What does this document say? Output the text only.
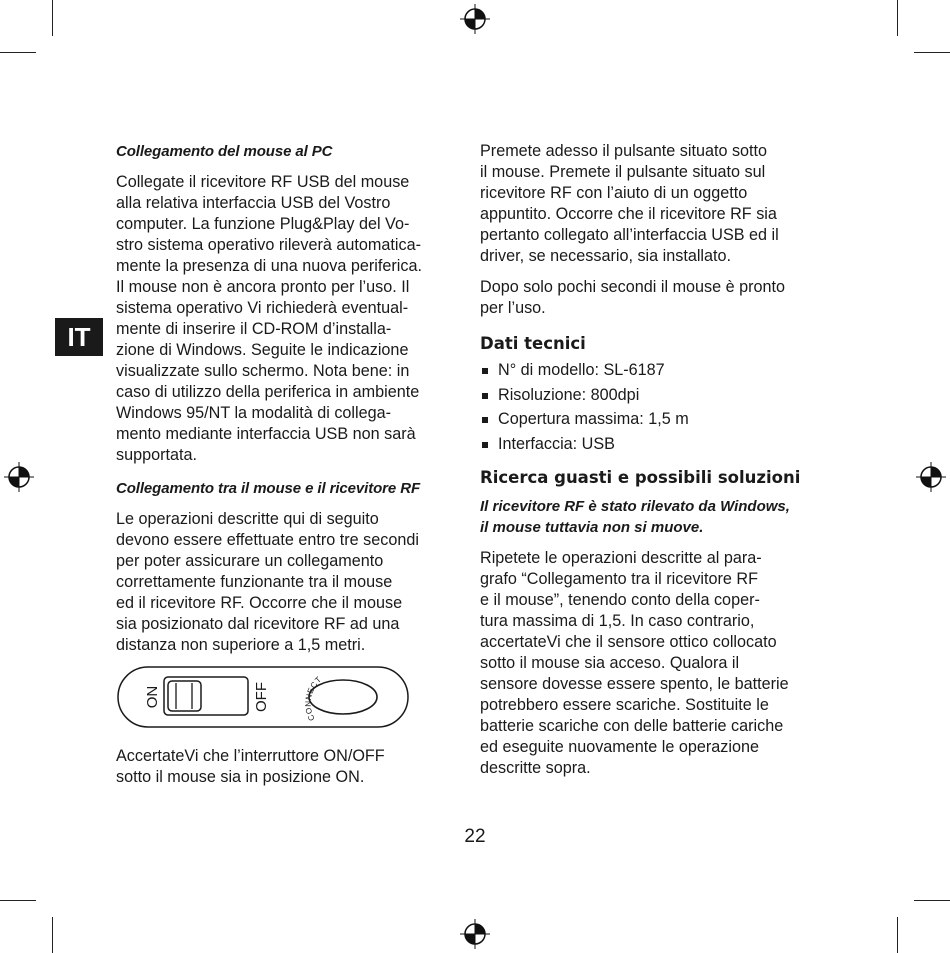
IT
Collegamento del mouse al PC
Collegate il ricevitore RF USB del mouse
alla relativa interfaccia USB del Vostro
computer. La funzione Plug&Play del Vo-
stro sistema operativo rileverà automatica-
mente la presenza di una nuova periferica.
Il mouse non è ancora pronto per l’uso. Il
sistema operativo Vi richiederà eventual-
mente di inserire il CD-ROM d’installa-
zione di Windows. Seguite le indicazione
visualizzate sullo schermo. Nota bene: in
caso di utilizzo della periferica in ambiente
Windows 95/NT la modalità di collega-
mento mediante interfaccia USB non sarà
supportata.
Collegamento tra il mouse e il ricevitore RF
Le operazioni descritte qui di seguito
devono essere effettuate entro tre secondi
per poter assicurare un collegamento
correttamente funzionante tra il mouse
ed il ricevitore RF. Occorre che il mouse
sia posizionato dal ricevitore RF ad una
distanza non superiore a 1,5 metri.
ON	OFF
CONNECT
AccertateVi che l’interruttore ON/OFF
sotto il mouse sia in posizione ON.
Premete adesso il pulsante situato sotto
il mouse. Premete il pulsante situato sul
ricevitore RF con l’aiuto di un oggetto
appuntito. Occorre che il ricevitore RF sia
pertanto collegato all’interfaccia USB ed il
driver, se necessario, sia installato.
Dopo solo pochi secondi il mouse è pronto
per l’uso.
Dati tecnici
N° di modello: SL-6187
Risoluzione: 800dpi
Copertura massima: 1,5 m
Interfaccia: USB
Ricerca guasti e possibili soluzioni
Il ricevitore RF è stato rilevato da Windows,
il mouse tuttavia non si muove.
Ripetete le operazioni descritte al para-
grafo “Collegamento tra il ricevitore RF
e il mouse”, tenendo conto della coper-
tura massima di 1,5. In caso contrario,
accertateVi che il sensore ottico collocato
sotto il mouse sia acceso. Qualora il
sensore dovesse essere spento, le batterie
potrebbero essere scariche. Sostituite le
batterie scariche con delle batterie cariche
ed eseguite nuovamente le operazione
descritte sopra.
22
